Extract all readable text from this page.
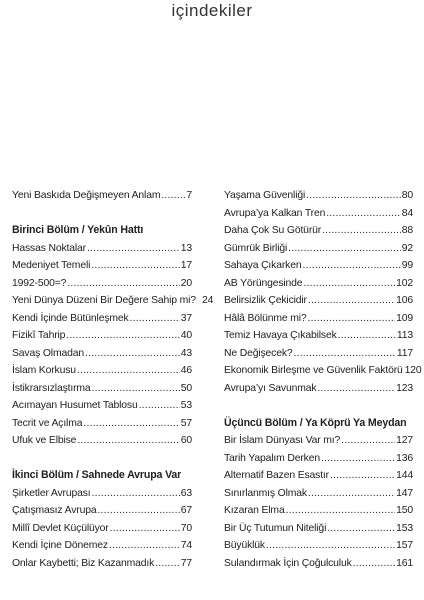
içindekiler
Yeni Baskıda Değişmeyen Anlam .....	7
Birinci Bölüm / Yekûn Hattı
Hassas Noktalar .....	13
Medeniyet Temeli .....	17
1992-500=? .....	20
Yeni Dünya Düzeni Bir Değere Sahip mi? 24
Kendi İçinde Bütünleşmek .....	37
Fizikî Tahrip .....	40
Savaş Olmadan .....	43
İslam Korkusu .....	46
İstikrarsızlaştırma .....	50
Acımayan Husumet Tablosu .....	53
Tecrit ve Açılma .....	57
Ufuk ve Elbise .....	60
İkinci Bölüm / Sahnede Avrupa Var
Şirketler Avrupası .....	63
Çatışmasız Avrupa .....	67
Millî Devlet Küçülüyor .....	70
Kendi İçine Dönemez .....	74
Onlar Kaybetti; Biz Kazanmadık .....	77
Yaşama Güvenliği .....	80
Avrupa’ya Kalkan Tren .....	84
Daha Çok Su Götürür .....	88
Gümrük Birliği .....	92
Sahaya Çıkarken .....	99
AB Yörüngesinde .....	102
Belirsizlik Çekicidir .....	106
Hâlâ Bölünme mi? .....	109
Temiz Havaya Çıkabilsek .....	113
Ne Değişecek? .....	117
Ekonomik Birleşme ve Güvenlik Faktörü 120
Avrupa’yı Savunmak .....	123
Üçüncü Bölüm / Ya Köprü Ya Meydan
Bir İslam Dünyası Var mı? .....	127
Tarih Yapalım Derken .....	136
Alternatif Bazen Esastır .....	144
Sınırlanmış Olmak .....	147
Kızaran Elma .....	150
Bir Üç Tutumun Niteliği .....	153
Büyüklük .....	157
Sulandırmak İçin Çoğulculuk .....	161
